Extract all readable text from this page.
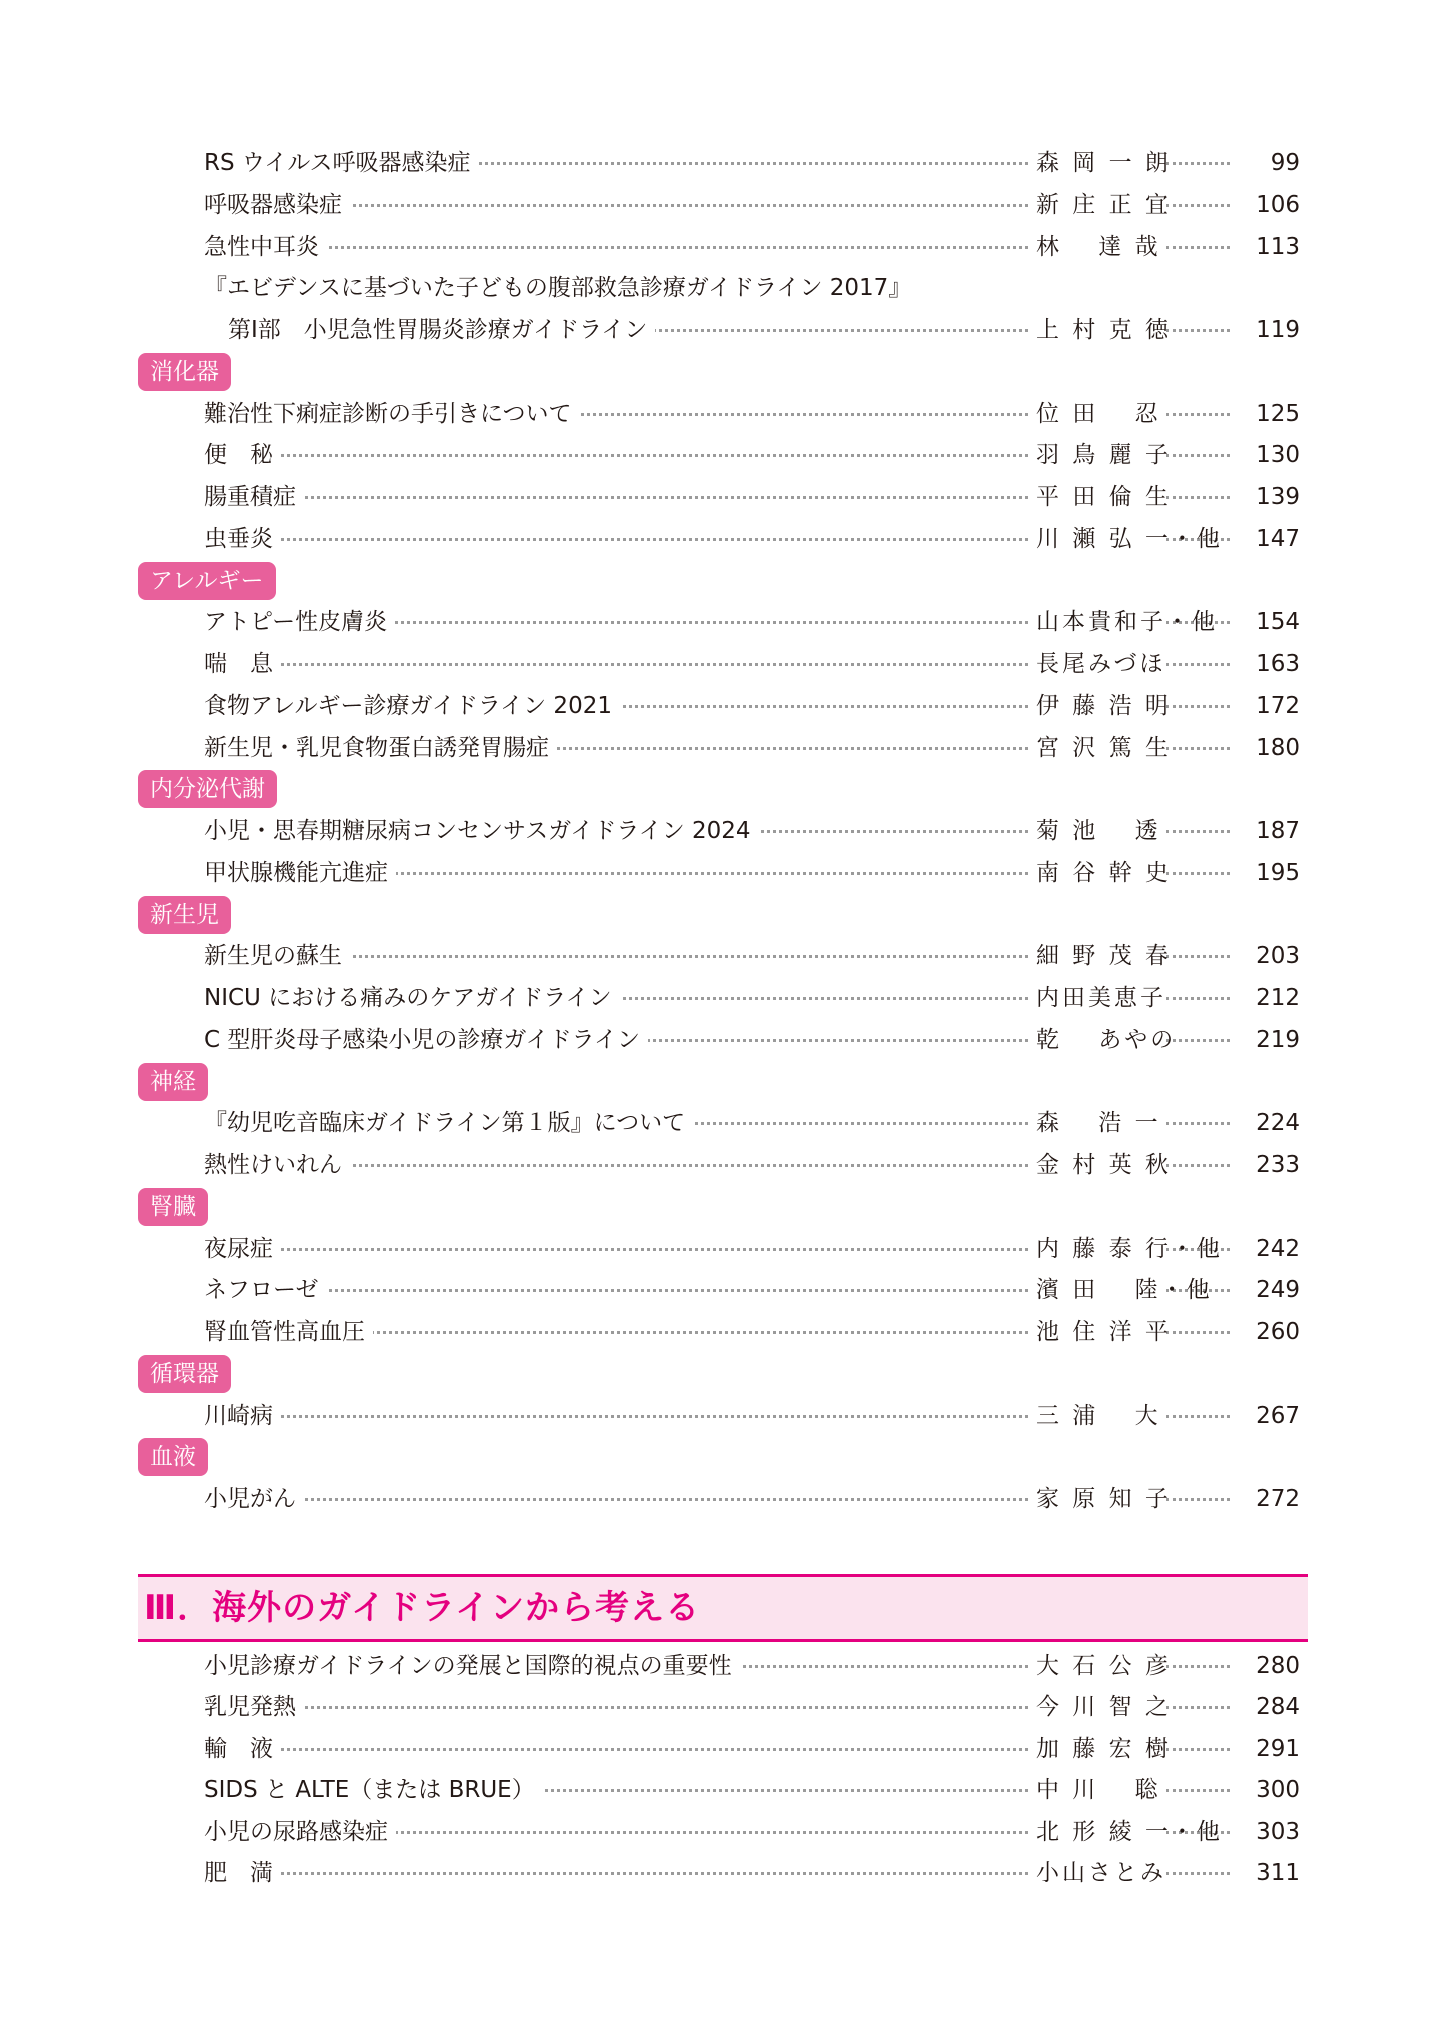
RS ウイルス呼吸器感染症	森 岡 一 朗	99
呼吸器感染症	新 庄 正 宜	106
急性中耳炎	林　 達 哉	113
『エビデンスに基づいた子どもの腹部救急診療ガイドライン 2017』
第Ⅰ部　小児急性胃腸炎診療ガイドライン	上 村 克 徳	119
消化器
難治性下痢症診断の手引きについて	位 田　 忍	125
便　秘	羽 鳥 麗 子	130
腸重積症	平 田 倫 生	139
虫垂炎	川 瀬 弘 一・他 147
アレルギー
アトピー性皮膚炎	山本貴和子・他 154
喘　息	長尾みづほ	163
食物アレルギー診療ガイドライン 2021	伊 藤 浩 明	172
新生児・乳児食物蛋白誘発胃腸症	宮 沢 篤 生	180
内分泌代謝
小児・思春期糖尿病コンセンサスガイドライン 2024	菊 池　 透	187
甲状腺機能亢進症	南 谷 幹 史	195
新生児
新生児の蘇生	細 野 茂 春	203
NICU における痛みのケアガイドライン	内田美恵子	212
C 型肝炎母子感染小児の診療ガイドライン	乾　 あやの	219
神経
『幼児吃音臨床ガイドライン第１版』について	森　 浩 一	224
熱性けいれん	金 村 英 秋	233
腎臓
夜尿症	内 藤 泰 行・他 242
ネフローゼ	濱 田　 陸・他 249
腎血管性高血圧	池 住 洋 平	260
循環器
川崎病	三 浦　 大	267
血液
小児がん	家 原 知 子	272
小児診療ガイドラインの発展と国際的視点の重要性	大 石 公 彦	280
乳児発熱	今 川 智 之	284
輸　液	加 藤 宏 樹	291
SIDS と ALTE（または BRUE）	中 川　 聡	300
小児の尿路感染症	北 形 綾 一・他 303
肥　満	小山さとみ	311
Ⅲ．海外のガイドラインから考える
